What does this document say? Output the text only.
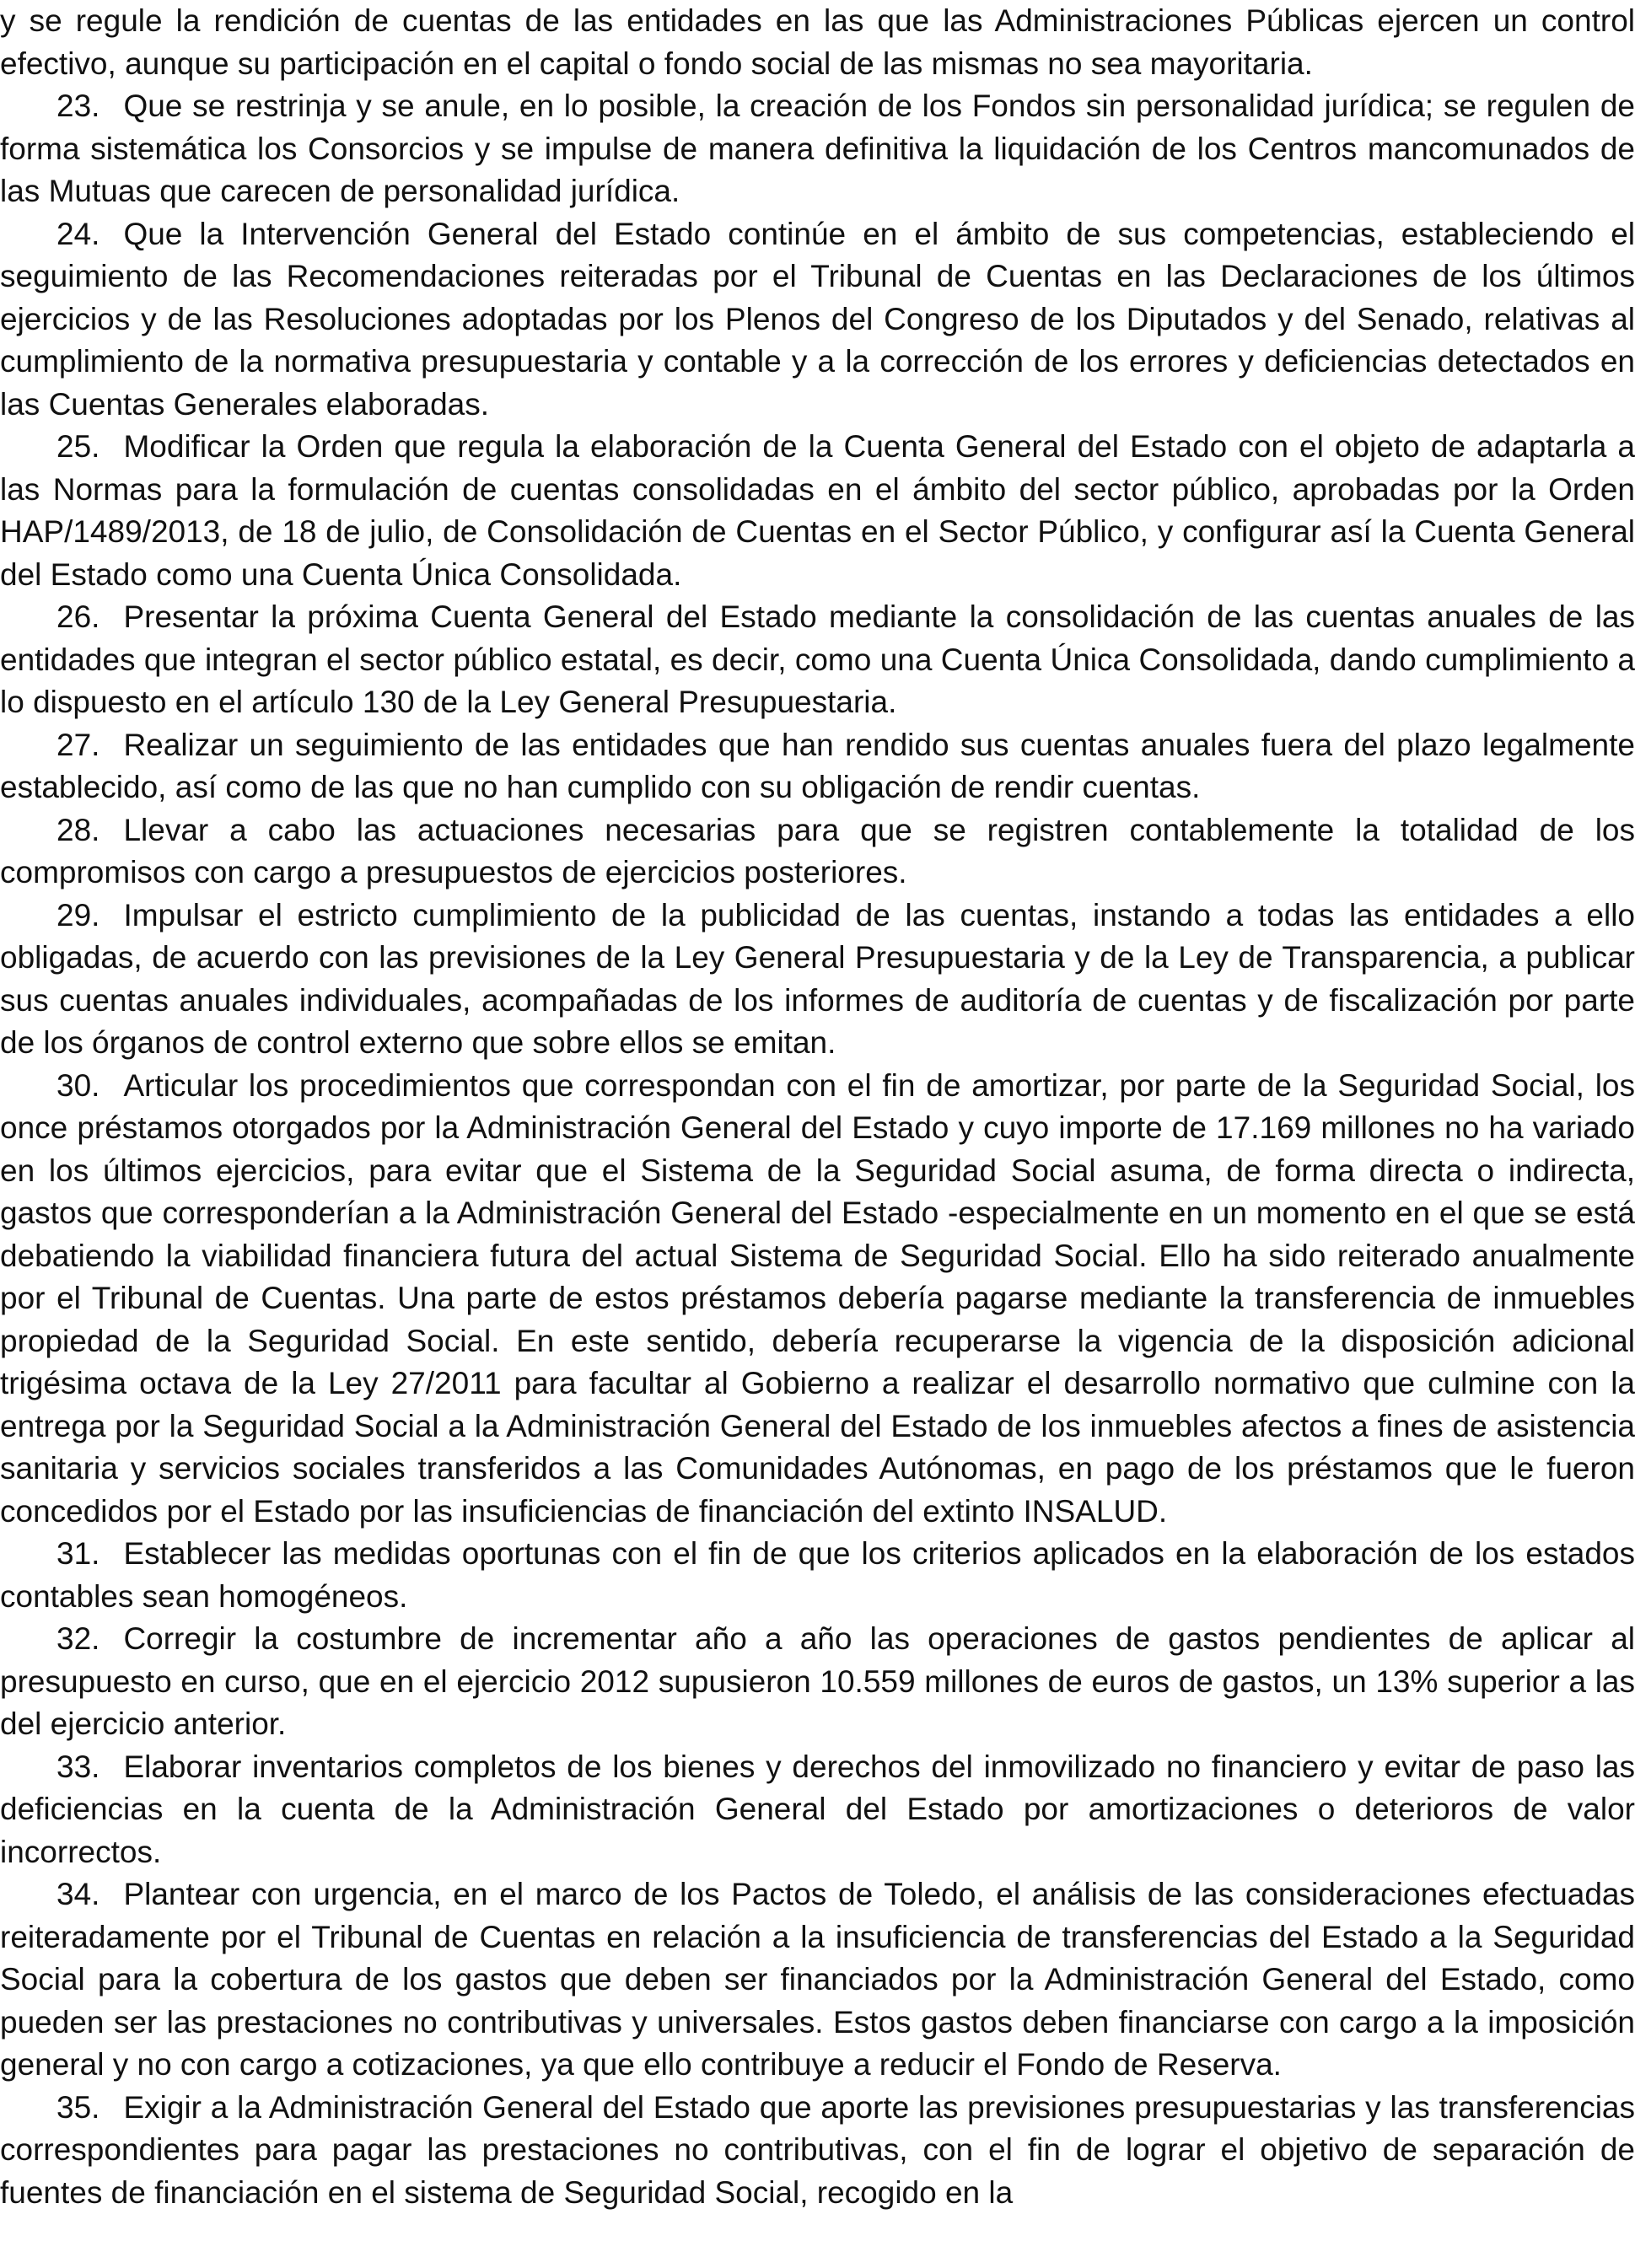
y se regule la rendición de cuentas de las entidades en las que las Administraciones Públicas ejercen un control efectivo, aunque su participación en el capital o fondo social de las mismas no sea mayoritaria.

23. Que se restrinja y se anule, en lo posible, la creación de los Fondos sin personalidad jurídica; se regulen de forma sistemática los Consorcios y se impulse de manera definitiva la liquidación de los Centros mancomunados de las Mutuas que carecen de personalidad jurídica.

24. Que la Intervención General del Estado continúe en el ámbito de sus competencias, estableciendo el seguimiento de las Recomendaciones reiteradas por el Tribunal de Cuentas en las Declaraciones de los últimos ejercicios y de las Resoluciones adoptadas por los Plenos del Congreso de los Diputados y del Senado, relativas al cumplimiento de la normativa presupuestaria y contable y a la corrección de los errores y deficiencias detectados en las Cuentas Generales elaboradas.

25. Modificar la Orden que regula la elaboración de la Cuenta General del Estado con el objeto de adaptarla a las Normas para la formulación de cuentas consolidadas en el ámbito del sector público, aprobadas por la Orden HAP/1489/2013, de 18 de julio, de Consolidación de Cuentas en el Sector Público, y configurar así la Cuenta General del Estado como una Cuenta Única Consolidada.

26. Presentar la próxima Cuenta General del Estado mediante la consolidación de las cuentas anuales de las entidades que integran el sector público estatal, es decir, como una Cuenta Única Consolidada, dando cumplimiento a lo dispuesto en el artículo 130 de la Ley General Presupuestaria.

27. Realizar un seguimiento de las entidades que han rendido sus cuentas anuales fuera del plazo legalmente establecido, así como de las que no han cumplido con su obligación de rendir cuentas.

28. Llevar a cabo las actuaciones necesarias para que se registren contablemente la totalidad de los compromisos con cargo a presupuestos de ejercicios posteriores.

29. Impulsar el estricto cumplimiento de la publicidad de las cuentas, instando a todas las entidades a ello obligadas, de acuerdo con las previsiones de la Ley General Presupuestaria y de la Ley de Transparencia, a publicar sus cuentas anuales individuales, acompañadas de los informes de auditoría de cuentas y de fiscalización por parte de los órganos de control externo que sobre ellos se emitan.

30. Articular los procedimientos que correspondan con el fin de amortizar, por parte de la Seguridad Social, los once préstamos otorgados por la Administración General del Estado y cuyo importe de 17.169 millones no ha variado en los últimos ejercicios, para evitar que el Sistema de la Seguridad Social asuma, de forma directa o indirecta, gastos que corresponderían a la Administración General del Estado -especialmente en un momento en el que se está debatiendo la viabilidad financiera futura del actual Sistema de Seguridad Social. Ello ha sido reiterado anualmente por el Tribunal de Cuentas. Una parte de estos préstamos debería pagarse mediante la transferencia de inmuebles propiedad de la Seguridad Social. En este sentido, debería recuperarse la vigencia de la disposición adicional trigésima octava de la Ley 27/2011 para facultar al Gobierno a realizar el desarrollo normativo que culmine con la entrega por la Seguridad Social a la Administración General del Estado de los inmuebles afectos a fines de asistencia sanitaria y servicios sociales transferidos a las Comunidades Autónomas, en pago de los préstamos que le fueron concedidos por el Estado por las insuficiencias de financiación del extinto INSALUD.

31. Establecer las medidas oportunas con el fin de que los criterios aplicados en la elaboración de los estados contables sean homogéneos.

32. Corregir la costumbre de incrementar año a año las operaciones de gastos pendientes de aplicar al presupuesto en curso, que en el ejercicio 2012 supusieron 10.559 millones de euros de gastos, un 13% superior a las del ejercicio anterior.

33. Elaborar inventarios completos de los bienes y derechos del inmovilizado no financiero y evitar de paso las deficiencias en la cuenta de la Administración General del Estado por amortizaciones o deterioros de valor incorrectos.

34. Plantear con urgencia, en el marco de los Pactos de Toledo, el análisis de las consideraciones efectuadas reiteradamente por el Tribunal de Cuentas en relación a la insuficiencia de transferencias del Estado a la Seguridad Social para la cobertura de los gastos que deben ser financiados por la Administración General del Estado, como pueden ser las prestaciones no contributivas y universales. Estos gastos deben financiarse con cargo a la imposición general y no con cargo a cotizaciones, ya que ello contribuye a reducir el Fondo de Reserva.

35. Exigir a la Administración General del Estado que aporte las previsiones presupuestarias y las transferencias correspondientes para pagar las prestaciones no contributivas, con el fin de lograr el objetivo de separación de fuentes de financiación en el sistema de Seguridad Social, recogido en la
